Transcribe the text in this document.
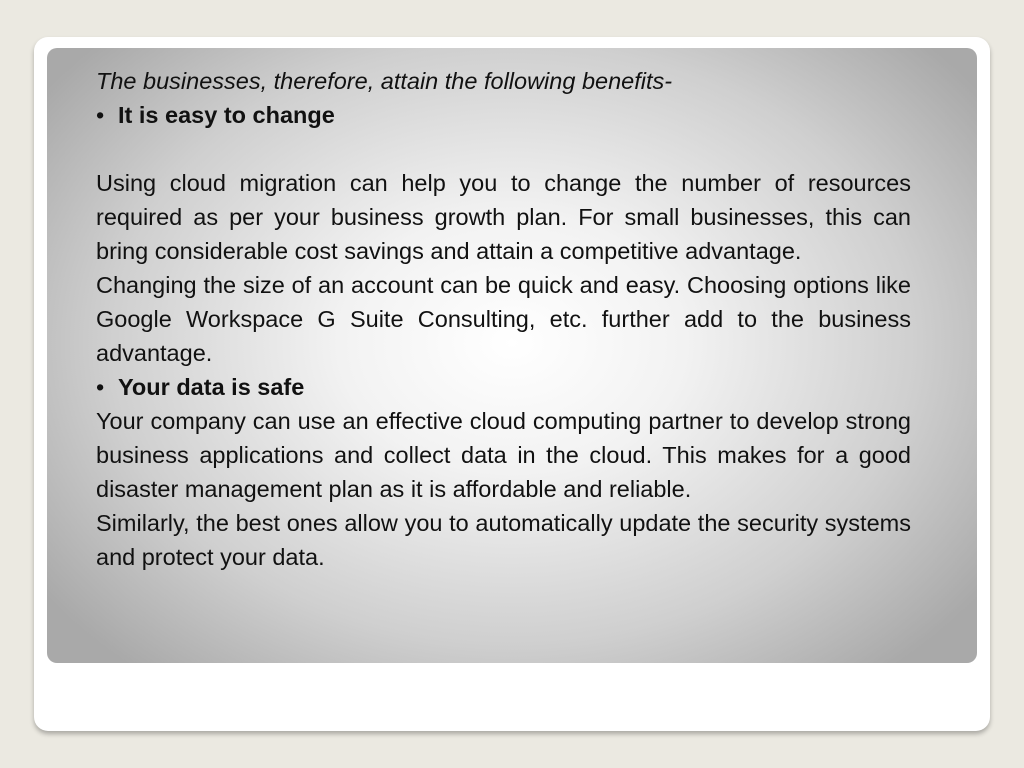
The businesses, therefore, attain the following benefits-

• It is easy to change

Using cloud migration can help you to change the number of resources required as per your business growth plan. For small businesses, this can bring considerable cost savings and attain a competitive advantage.

Changing the size of an account can be quick and easy. Choosing options like Google Workspace G Suite Consulting, etc. further add to the business advantage.

• Your data is safe

Your company can use an effective cloud computing partner to develop strong business applications and collect data in the cloud. This makes for a good disaster management plan as it is affordable and reliable.

Similarly, the best ones allow you to automatically update the security systems and protect your data.
